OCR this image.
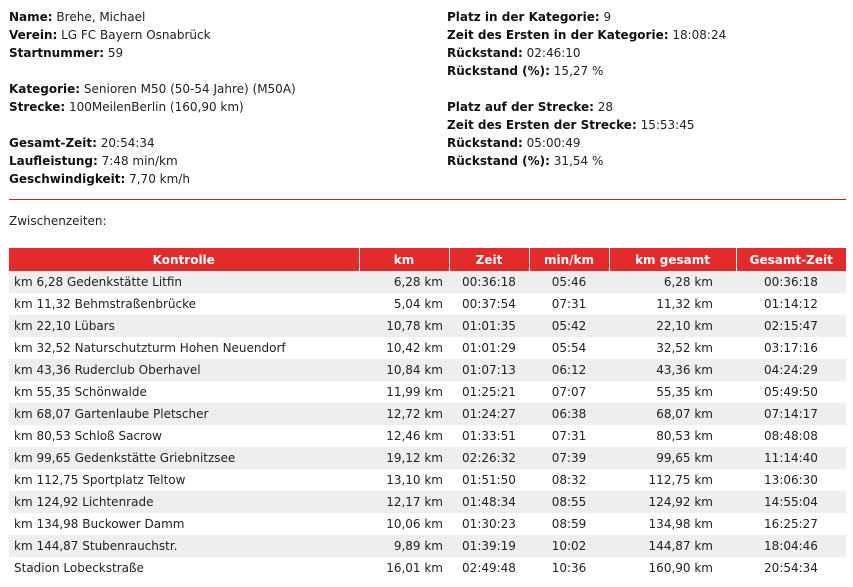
Name: Brehe, Michael
Verein: LG FC Bayern Osnabrück
Startnummer: 59
Kategorie: Senioren M50 (50-54 Jahre) (M50A)
Strecke: 100MeilenBerlin (160,90 km)
Gesamt-Zeit: 20:54:34
Laufleistung: 7:48 min/km
Geschwindigkeit: 7,70 km/h
Platz in der Kategorie: 9
Zeit des Ersten in der Kategorie: 18:08:24
Rückstand: 02:46:10
Rückstand (%): 15,27 %
Platz auf der Strecke: 28
Zeit des Ersten der Strecke: 15:53:45
Rückstand: 05:00:49
Rückstand (%): 31,54 %
Zwischenzeiten:
Kontrolle	km	Zeit	min/km	km gesamt	Gesamt-Zeit
km 6,28 Gedenkstätte Litfin	6,28 km	00:36:18	05:46	6,28 km	00:36:18
km 11,32 Behmstraßenbrücke	5,04 km	00:37:54	07:31	11,32 km	01:14:12
km 22,10 Lübars	10,78 km	01:01:35	05:42	22,10 km	02:15:47
km 32,52 Naturschutzturm Hohen Neuendorf	10,42 km	01:01:29	05:54	32,52 km	03:17:16
km 43,36 Ruderclub Oberhavel	10,84 km	01:07:13	06:12	43,36 km	04:24:29
km 55,35 Schönwalde	11,99 km	01:25:21	07:07	55,35 km	05:49:50
km 68,07 Gartenlaube Pletscher	12,72 km	01:24:27	06:38	68,07 km	07:14:17
km 80,53 Schloß Sacrow	12,46 km	01:33:51	07:31	80,53 km	08:48:08
km 99,65 Gedenkstätte Griebnitzsee	19,12 km	02:26:32	07:39	99,65 km	11:14:40
km 112,75 Sportplatz Teltow	13,10 km	01:51:50	08:32	112,75 km	13:06:30
km 124,92 Lichtenrade	12,17 km	01:48:34	08:55	124,92 km	14:55:04
km 134,98 Buckower Damm	10,06 km	01:30:23	08:59	134,98 km	16:25:27
km 144,87 Stubenrauchstr.	9,89 km	01:39:19	10:02	144,87 km	18:04:46
Stadion Lobeckstraße	16,01 km	02:49:48	10:36	160,90 km	20:54:34
